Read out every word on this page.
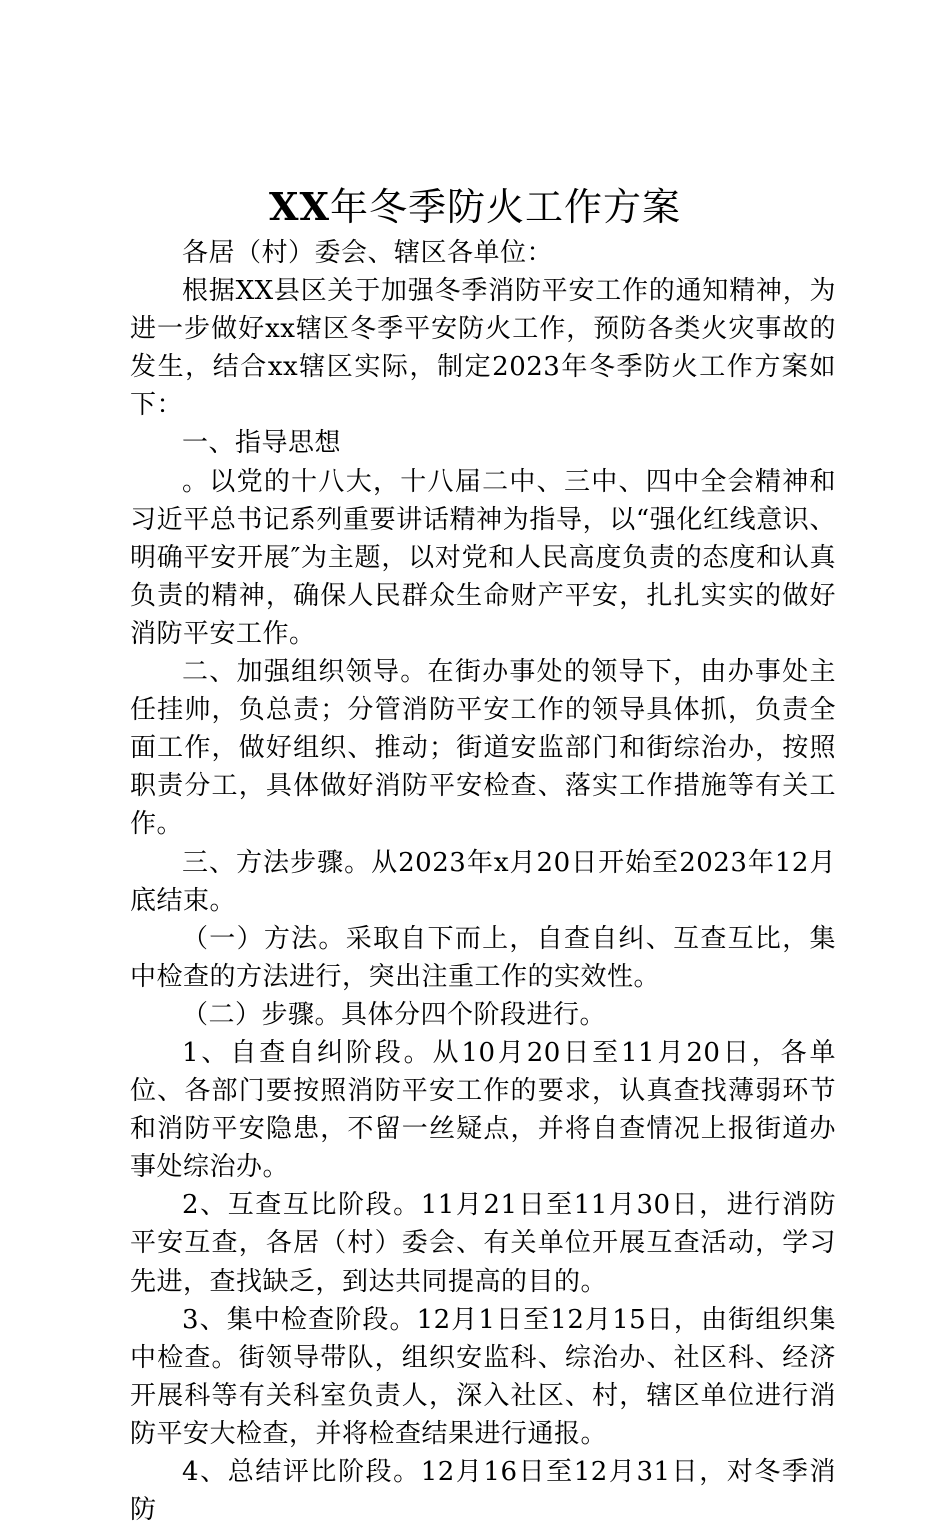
XX年冬季防火工作方案

各居（村）委会、辖区各单位：

根据XX县区关于加强冬季消防平安工作的通知精神，为进一步做好xx辖区冬季平安防火工作，预防各类火灾事故的发生，结合xx辖区实际，制定2023年冬季防火工作方案如下：

一、指导思想

。以党的十八大，十八届二中、三中、四中全会精神和习近平总书记系列重要讲话精神为指导，以“强化红线意识、明确平安开展″为主题，以对党和人民高度负责的态度和认真负责的精神，确保人民群众生命财产平安，扎扎实实的做好消防平安工作。

二、加强组织领导。在街办事处的领导下，由办事处主任挂帅，负总责；分管消防平安工作的领导具体抓，负责全面工作，做好组织、推动；街道安监部门和街综治办，按照职责分工，具体做好消防平安检查、落实工作措施等有关工作。

三、方法步骤。从2023年x月20日开始至2023年12月底结束。

（一）方法。采取自下而上，自查自纠、互查互比，集中检查的方法进行，突出注重工作的实效性。

（二）步骤。具体分四个阶段进行。

1、自查自纠阶段。从10月20日至11月20日，各单位、各部门要按照消防平安工作的要求，认真查找薄弱环节和消防平安隐患，不留一丝疑点，并将自查情况上报街道办事处综治办。

2、互查互比阶段。11月21日至11月30日，进行消防平安互查，各居（村）委会、有关单位开展互查活动，学习先进，查找缺乏，到达共同提高的目的。

3、集中检查阶段。12月1日至12月15日，由街组织集中检查。街领导带队，组织安监科、综治办、社区科、经济开展科等有关科室负责人，深入社区、村，辖区单位进行消防平安大检查，并将检查结果进行通报。

4、总结评比阶段。12月16日至12月31日，对冬季消防
